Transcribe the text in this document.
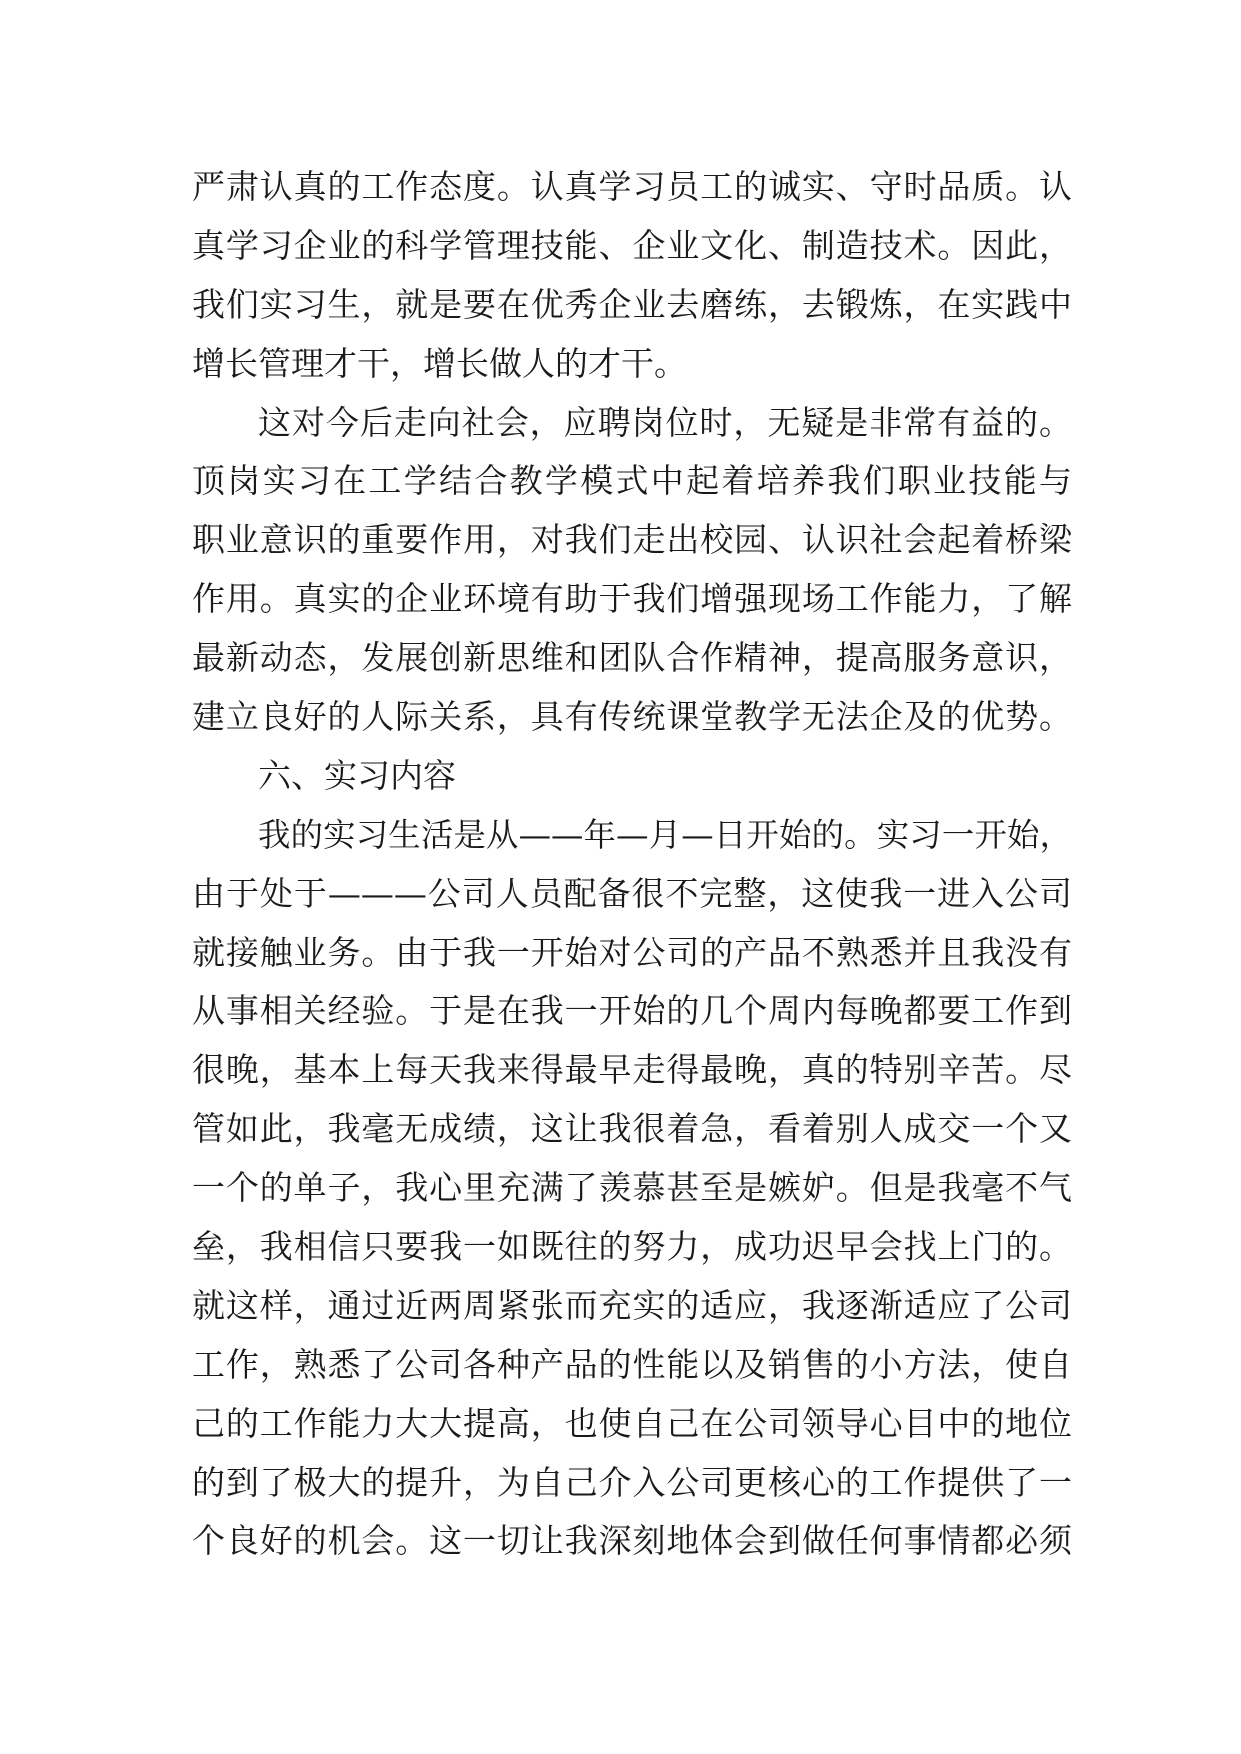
严肃认真的工作态度。认真学习员工的诚实、守时品质。认
真学习企业的科学管理技能、企业文化、制造技术。因此，
我们实习生，就是要在优秀企业去磨练，去锻炼，在实践中
增长管理才干，增长做人的才干。
这对今后走向社会，应聘岗位时，无疑是非常有益的。
顶岗实习在工学结合教学模式中起着培养我们职业技能与
职业意识的重要作用，对我们走出校园、认识社会起着桥梁
作用。真实的企业环境有助于我们增强现场工作能力，了解
最新动态，发展创新思维和团队合作精神，提高服务意识，
建立良好的人际关系，具有传统课堂教学无法企及的优势。
六、实习内容
我的实习生活是从——年—月—日开始的。实习一开始，
由于处于———公司人员配备很不完整，这使我一进入公司
就接触业务。由于我一开始对公司的产品不熟悉并且我没有
从事相关经验。于是在我一开始的几个周内每晚都要工作到
很晚，基本上每天我来得最早走得最晚，真的特别辛苦。尽
管如此，我毫无成绩，这让我很着急，看着别人成交一个又
一个的单子，我心里充满了羡慕甚至是嫉妒。但是我毫不气
垒，我相信只要我一如既往的努力，成功迟早会找上门的。
就这样，通过近两周紧张而充实的适应，我逐渐适应了公司
工作，熟悉了公司各种产品的性能以及销售的小方法，使自
己的工作能力大大提高，也使自己在公司领导心目中的地位
的到了极大的提升，为自己介入公司更核心的工作提供了一
个良好的机会。这一切让我深刻地体会到做任何事情都必须
